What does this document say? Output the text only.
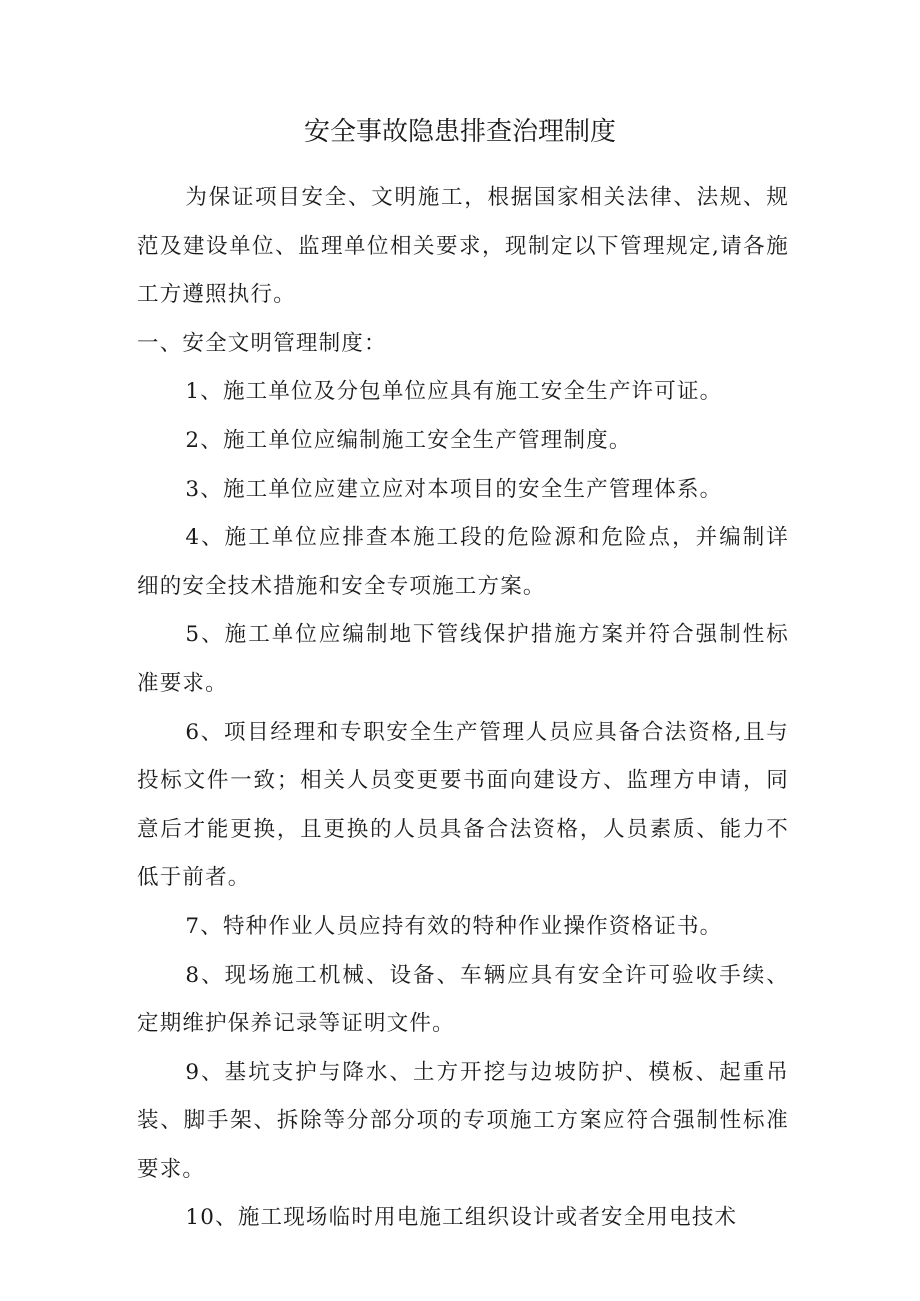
安全事故隐患排查治理制度

为保证项目安全、文明施工，根据国家相关法律、法规、规范及建设单位、监理单位相关要求，现制定以下管理规定,请各施工方遵照执行。

一、安全文明管理制度：

1、施工单位及分包单位应具有施工安全生产许可证。

2、施工单位应编制施工安全生产管理制度。

3、施工单位应建立应对本项目的安全生产管理体系。

4、施工单位应排查本施工段的危险源和危险点，并编制详细的安全技术措施和安全专项施工方案。

5、施工单位应编制地下管线保护措施方案并符合强制性标准要求。

6、项目经理和专职安全生产管理人员应具备合法资格,且与投标文件一致；相关人员变更要书面向建设方、监理方申请，同意后才能更换，且更换的人员具备合法资格，人员素质、能力不低于前者。

7、特种作业人员应持有效的特种作业操作资格证书。

8、现场施工机械、设备、车辆应具有安全许可验收手续、定期维护保养记录等证明文件。

9、基坑支护与降水、土方开挖与边坡防护、模板、起重吊装、脚手架、拆除等分部分项的专项施工方案应符合强制性标准要求。

10、施工现场临时用电施工组织设计或者安全用电技术
